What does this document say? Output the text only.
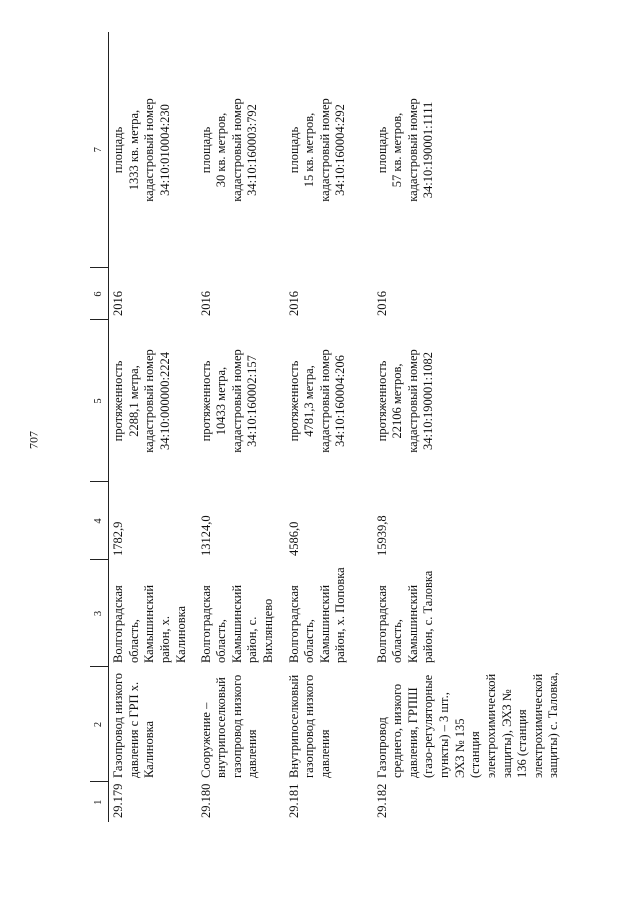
707
1	2	3	4	5	6	7
29.179	Газопровод низкого давления с ГРП х. Калиновка	Волгоградская область, Камышинский район, х. Калиновка	1782,9	протяженность 2288,1 метра, кадастровый номер 34:10:000000:2224	2016	площадь 1333 кв. метра, кадастровый номер 34:10:010004:230

29.180	Сооружение – внутрипоселковый газопровод низкого давления	Волгоградская область, Камышинский район, с. Вихлянцево	13124,0	протяженность 10433 метра, кадастровый номер 34:10:160002:157	2016	площадь 30 кв. метров, кадастровый номер 34:10:160003:792

29.181	Внутрипоселковый газопровод низкого давления	Волгоградская область, Камышинский район, х. Поповка	4586,0	протяженность 4781,3 метра, кадастровый номер 34:10:160004:206	2016	площадь 15 кв. метров, кадастровый номер 34:10:160004:292

29.182	Газопровод среднего, низкого давления, ГРПШ (газо-регуляторные пункты) – 3 шт., ЭХЗ № 135 (станция электрохимической защиты), ЭХЗ № 136 (станция электрохимической защиты) с. Таловка,	Волгоградская область, Камышинский район, с. Таловка	15939,8	протяженность 22106 метров, кадастровый номер 34:10:190001:1082	2016	площадь 57 кв. метров, кадастровый номер 34:10:190001:1111
